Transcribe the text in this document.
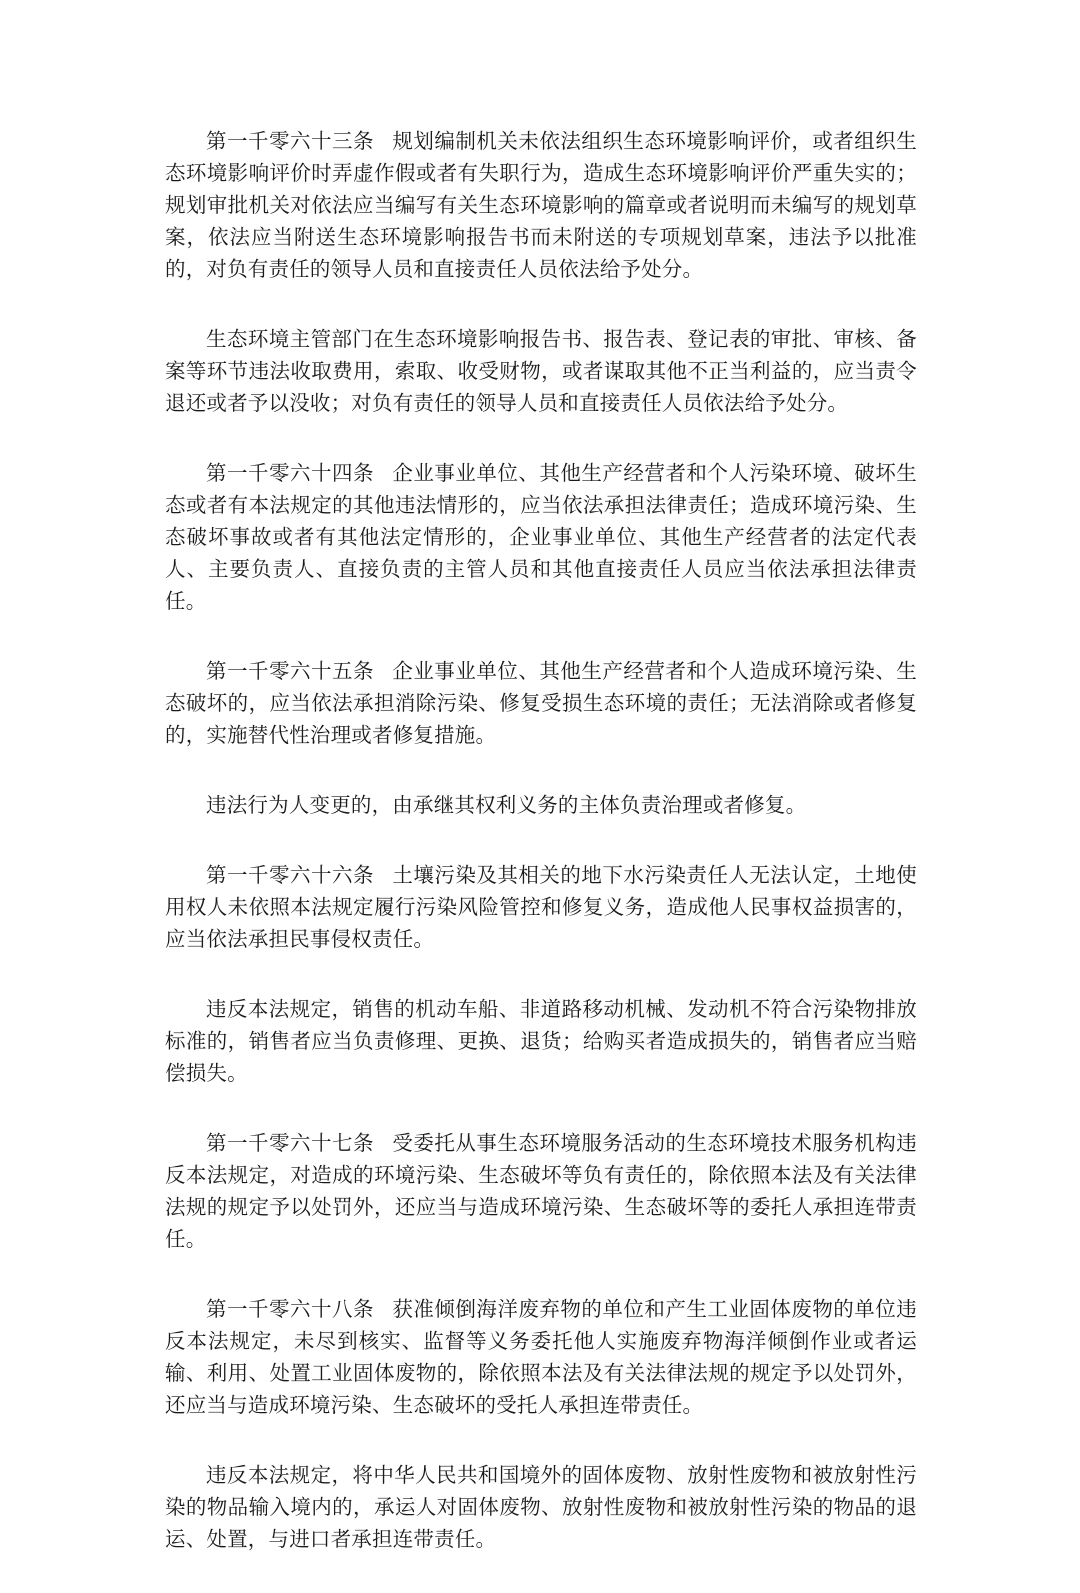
第一千零六十三条 规划编制机关未依法组织生态环境影响评价，或者组织生态环境影响评价时弄虚作假或者有失职行为，造成生态环境影响评价严重失实的；规划审批机关对依法应当编写有关生态环境影响的篇章或者说明而未编写的规划草案，依法应当附送生态环境影响报告书而未附送的专项规划草案，违法予以批准的，对负有责任的领导人员和直接责任人员依法给予处分。

生态环境主管部门在生态环境影响报告书、报告表、登记表的审批、审核、备案等环节违法收取费用，索取、收受财物，或者谋取其他不正当利益的，应当责令退还或者予以没收；对负有责任的领导人员和直接责任人员依法给予处分。

第一千零六十四条 企业事业单位、其他生产经营者和个人污染环境、破坏生态或者有本法规定的其他违法情形的，应当依法承担法律责任；造成环境污染、生态破坏事故或者有其他法定情形的，企业事业单位、其他生产经营者的法定代表人、主要负责人、直接负责的主管人员和其他直接责任人员应当依法承担法律责任。

第一千零六十五条 企业事业单位、其他生产经营者和个人造成环境污染、生态破坏的，应当依法承担消除污染、修复受损生态环境的责任；无法消除或者修复的，实施替代性治理或者修复措施。

违法行为人变更的，由承继其权利义务的主体负责治理或者修复。

第一千零六十六条 土壤污染及其相关的地下水污染责任人无法认定，土地使用权人未依照本法规定履行污染风险管控和修复义务，造成他人民事权益损害的，应当依法承担民事侵权责任。

违反本法规定，销售的机动车船、非道路移动机械、发动机不符合污染物排放标准的，销售者应当负责修理、更换、退货；给购买者造成损失的，销售者应当赔偿损失。

第一千零六十七条 受委托从事生态环境服务活动的生态环境技术服务机构违反本法规定，对造成的环境污染、生态破坏等负有责任的，除依照本法及有关法律法规的规定予以处罚外，还应当与造成环境污染、生态破坏等的委托人承担连带责任。

第一千零六十八条 获准倾倒海洋废弃物的单位和产生工业固体废物的单位违反本法规定，未尽到核实、监督等义务委托他人实施废弃物海洋倾倒作业或者运输、利用、处置工业固体废物的，除依照本法及有关法律法规的规定予以处罚外，还应当与造成环境污染、生态破坏的受托人承担连带责任。

违反本法规定，将中华人民共和国境外的固体废物、放射性废物和被放射性污染的物品输入境内的，承运人对固体废物、放射性废物和被放射性污染的物品的退运、处置，与进口者承担连带责任。
